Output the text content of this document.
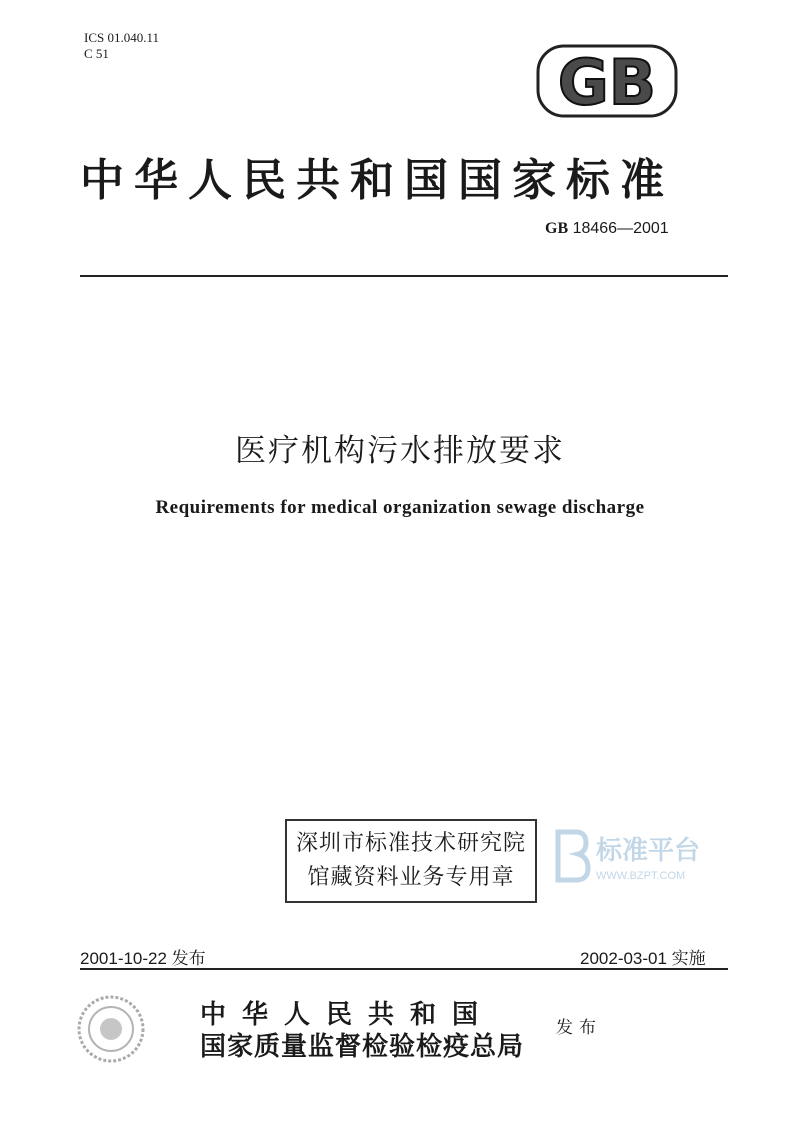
ICS 01.040.11
C 51	GB
中华人民共和国国家标准
GB 18466—2001
医疗机构污水排放要求
Requirements for medical organization sewage discharge
深圳市标准技术研究院
馆藏资料业务专用章
标准平台
WWW.BZPT.COM
2001-10-22 发布	2002-03-01 实施
中华人民共和国
国家质量监督检验检疫总局
发布
